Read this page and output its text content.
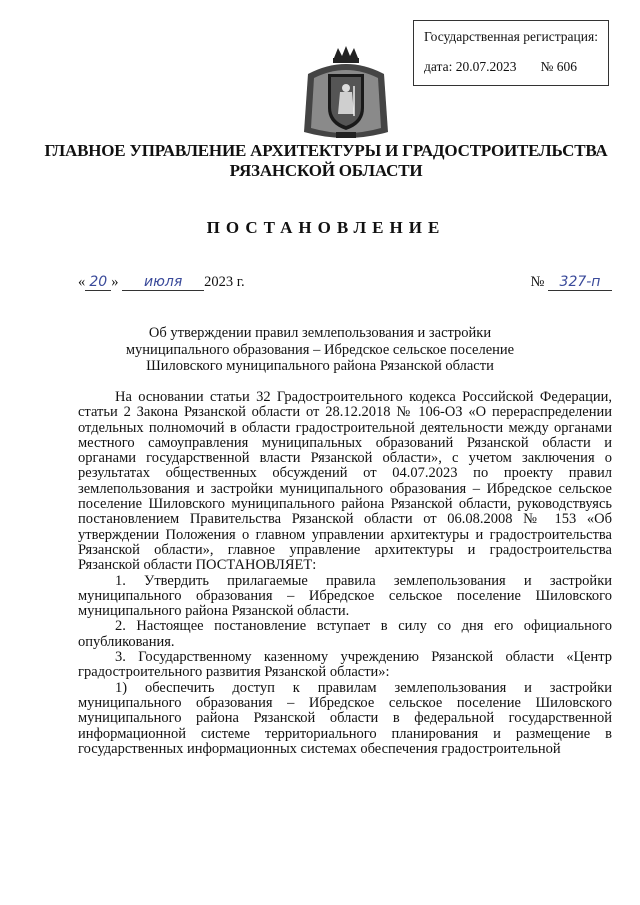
Государственная регистрация:
дата: 20.07.2023 № 606
ГЛАВНОЕ УПРАВЛЕНИЕ АРХИТЕКТУРЫ И ГРАДОСТРОИТЕЛЬСТВА
РЯЗАНСКОЙ ОБЛАСТИ
ПОСТАНОВЛЕНИЕ
« 20 » июля 2023 г.	№ 327-п
Об утверждении правил землепользования и застройки
муниципального образования – Ибредское сельское поселение
Шиловского муниципального района Рязанской области

На основании статьи 32 Градостроительного кодекса Российской Федерации, статьи 2 Закона Рязанской области от 28.12.2018 № 106-ОЗ «О перераспределении отдельных полномочий в области градостроительной деятельности между органами местного самоуправления муниципальных образований Рязанской области и органами государственной власти Рязанской области», с учетом заключения о результатах общественных обсуждений от 04.07.2023 по проекту правил землепользования и застройки муниципального образования – Ибредское сельское поселение Шиловского муниципального района Рязанской области, руководствуясь постановлением Правительства Рязанской области от 06.08.2008 № 153 «Об утверждении Положения о главном управлении архитектуры и градостроительства Рязанской области», главное управление архитектуры и градостроительства Рязанской области ПОСТАНОВЛЯЕТ:

1. Утвердить прилагаемые правила землепользования и застройки муниципального образования – Ибредское сельское поселение Шиловского муниципального района Рязанской области.

2. Настоящее постановление вступает в силу со дня его официального опубликования.

3. Государственному казенному учреждению Рязанской области «Центр градостроительного развития Рязанской области»:

1) обеспечить доступ к правилам землепользования и застройки муниципального образования – Ибредское сельское поселение Шиловского муниципального района Рязанской области в федеральной государственной информационной системе территориального планирования и размещение в государственных информационных системах обеспечения градостроительной
